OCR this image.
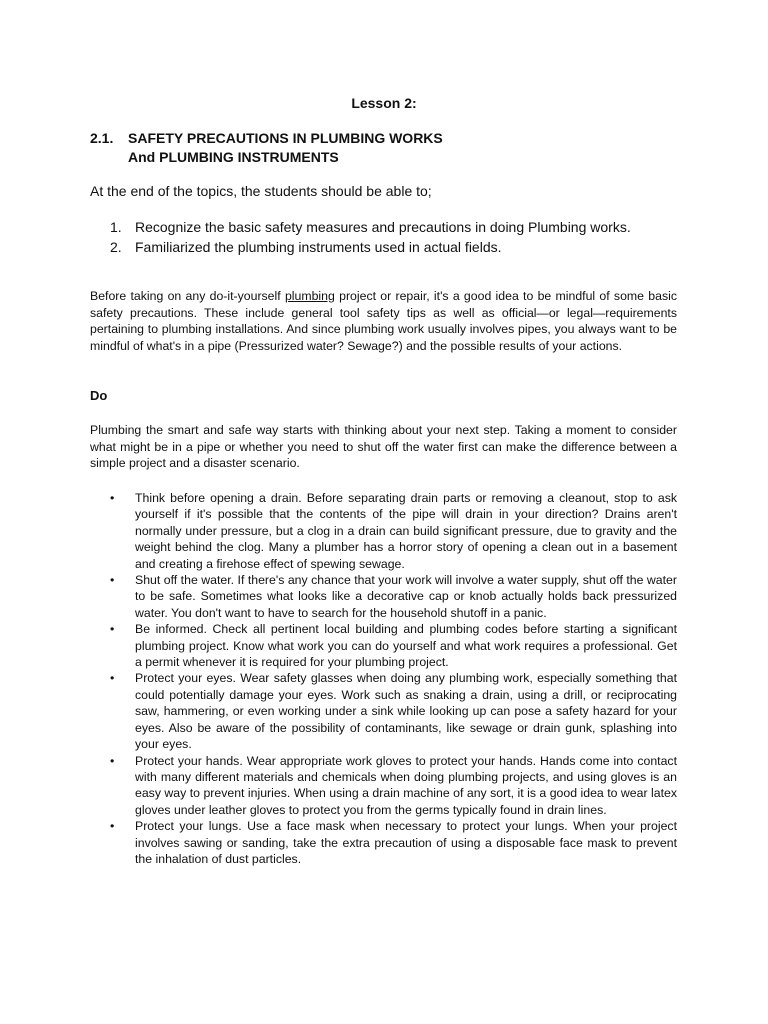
Lesson 2:
2.1. SAFETY PRECAUTIONS IN PLUMBING WORKS
And PLUMBING INSTRUMENTS
At the end of the topics, the students should be able to;
1. Recognize the basic safety measures and precautions in doing Plumbing works.
2. Familiarized the plumbing instruments used in actual fields.

Before taking on any do-it-yourself plumbing project or repair, it's a good idea to be mindful of some basic safety precautions. These include general tool safety tips as well as official—or legal—requirements pertaining to plumbing installations. And since plumbing work usually involves pipes, you always want to be mindful of what's in a pipe (Pressurized water? Sewage?) and the possible results of your actions.

Do

Plumbing the smart and safe way starts with thinking about your next step. Taking a moment to consider what might be in a pipe or whether you need to shut off the water first can make the difference between a simple project and a disaster scenario.

• Think before opening a drain. Before separating drain parts or removing a cleanout, stop to ask yourself if it's possible that the contents of the pipe will drain in your direction? Drains aren't normally under pressure, but a clog in a drain can build significant pressure, due to gravity and the weight behind the clog. Many a plumber has a horror story of opening a clean out in a basement and creating a firehose effect of spewing sewage.
• Shut off the water. If there's any chance that your work will involve a water supply, shut off the water to be safe. Sometimes what looks like a decorative cap or knob actually holds back pressurized water. You don't want to have to search for the household shutoff in a panic.
• Be informed. Check all pertinent local building and plumbing codes before starting a significant plumbing project. Know what work you can do yourself and what work requires a professional. Get a permit whenever it is required for your plumbing project.
• Protect your eyes. Wear safety glasses when doing any plumbing work, especially something that could potentially damage your eyes. Work such as snaking a drain, using a drill, or reciprocating saw, hammering, or even working under a sink while looking up can pose a safety hazard for your eyes. Also be aware of the possibility of contaminants, like sewage or drain gunk, splashing into your eyes.
• Protect your hands. Wear appropriate work gloves to protect your hands. Hands come into contact with many different materials and chemicals when doing plumbing projects, and using gloves is an easy way to prevent injuries. When using a drain machine of any sort, it is a good idea to wear latex gloves under leather gloves to protect you from the germs typically found in drain lines.
• Protect your lungs. Use a face mask when necessary to protect your lungs. When your project involves sawing or sanding, take the extra precaution of using a disposable face mask to prevent the inhalation of dust particles.
